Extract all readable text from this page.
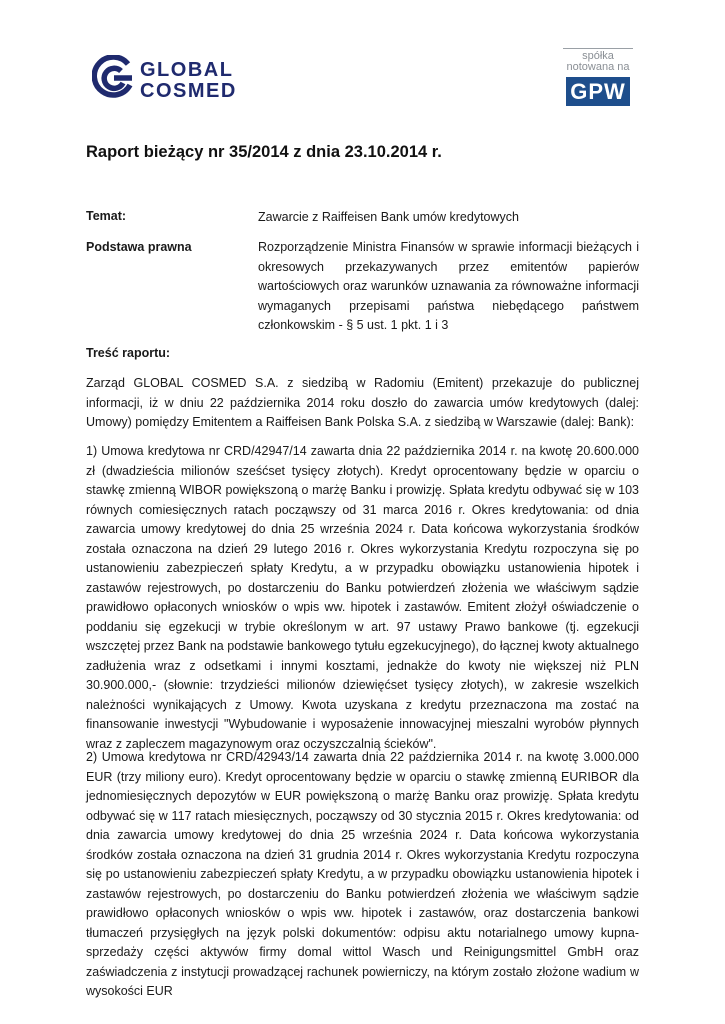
GLOBAL
COSMED
spółka
notowana na
GPW
Raport bieżący nr 35/2014 z dnia 23.10.2014 r.
Temat:	Zawarcie z Raiffeisen Bank umów kredytowych
Podstawa prawna	Rozporządzenie Ministra Finansów w sprawie informacji bieżących i okresowych przekazywanych przez emitentów papierów wartościowych oraz warunków uznawania za równoważne informacji wymaganych przepisami państwa niebędącego państwem członkowskim - § 5 ust. 1 pkt. 1 i 3
Treść raportu:

Zarząd GLOBAL COSMED S.A. z siedzibą w Radomiu (Emitent) przekazuje do publicznej informacji, iż w dniu 22 października 2014 roku doszło do zawarcia umów kredytowych (dalej: Umowy) pomiędzy Emitentem a Raiffeisen Bank Polska S.A. z siedzibą w Warszawie (dalej: Bank):

1) Umowa kredytowa nr CRD/42947/14 zawarta dnia 22 października 2014 r. na kwotę 20.600.000 zł (dwadzieścia milionów sześćset tysięcy złotych). Kredyt oprocentowany będzie w oparciu o stawkę zmienną WIBOR powiększoną o marżę Banku i prowizję. Spłata kredytu odbywać się w 103 równych comiesięcznych ratach począwszy od 31 marca 2016 r. Okres kredytowania: od dnia zawarcia umowy kredytowej do dnia 25 września 2024 r. Data końcowa wykorzystania środków została oznaczona na dzień 29 lutego 2016 r. Okres wykorzystania Kredytu rozpoczyna się po ustanowieniu zabezpieczeń spłaty Kredytu, a w przypadku obowiązku ustanowienia hipotek i zastawów rejestrowych, po dostarczeniu do Banku potwierdzeń złożenia we właściwym sądzie prawidłowo opłaconych wniosków o wpis ww. hipotek i zastawów. Emitent złożył oświadczenie o poddaniu się egzekucji w trybie określonym w art. 97 ustawy Prawo bankowe (tj. egzekucji wszczętej przez Bank na podstawie bankowego tytułu egzekucyjnego), do łącznej kwoty aktualnego zadłużenia wraz z odsetkami i innymi kosztami, jednakże do kwoty nie większej niż PLN 30.900.000,- (słownie: trzydzieści milionów dziewięćset tysięcy złotych), w zakresie wszelkich należności wynikających z Umowy. Kwota uzyskana z kredytu przeznaczona ma zostać na finansowanie inwestycji "Wybudowanie i wyposażenie innowacyjnej mieszalni wyrobów płynnych wraz z zapleczem magazynowym oraz oczyszczalnią ścieków".

2) Umowa kredytowa nr CRD/42943/14 zawarta dnia 22 października 2014 r. na kwotę 3.000.000 EUR (trzy miliony euro). Kredyt oprocentowany będzie w oparciu o stawkę zmienną EURIBOR dla jednomiesięcznych depozytów w EUR powiększoną o marżę Banku oraz prowizję. Spłata kredytu odbywać się w 117 ratach miesięcznych, począwszy od 30 stycznia 2015 r. Okres kredytowania: od dnia zawarcia umowy kredytowej do dnia 25 września 2024 r. Data końcowa wykorzystania środków została oznaczona na dzień 31 grudnia 2014 r. Okres wykorzystania Kredytu rozpoczyna się po ustanowieniu zabezpieczeń spłaty Kredytu, a w przypadku obowiązku ustanowienia hipotek i zastawów rejestrowych, po dostarczeniu do Banku potwierdzeń złożenia we właściwym sądzie prawidłowo opłaconych wniosków o wpis ww. hipotek i zastawów, oraz dostarczenia bankowi tłumaczeń przysięgłych na język polski dokumentów: odpisu aktu notarialnego umowy kupna-sprzedaży części aktywów firmy domal wittol Wasch und Reinigungsmittel GmbH oraz zaświadczenia z instytucji prowadzącej rachunek powierniczy, na którym zostało złożone wadium w wysokości EUR
